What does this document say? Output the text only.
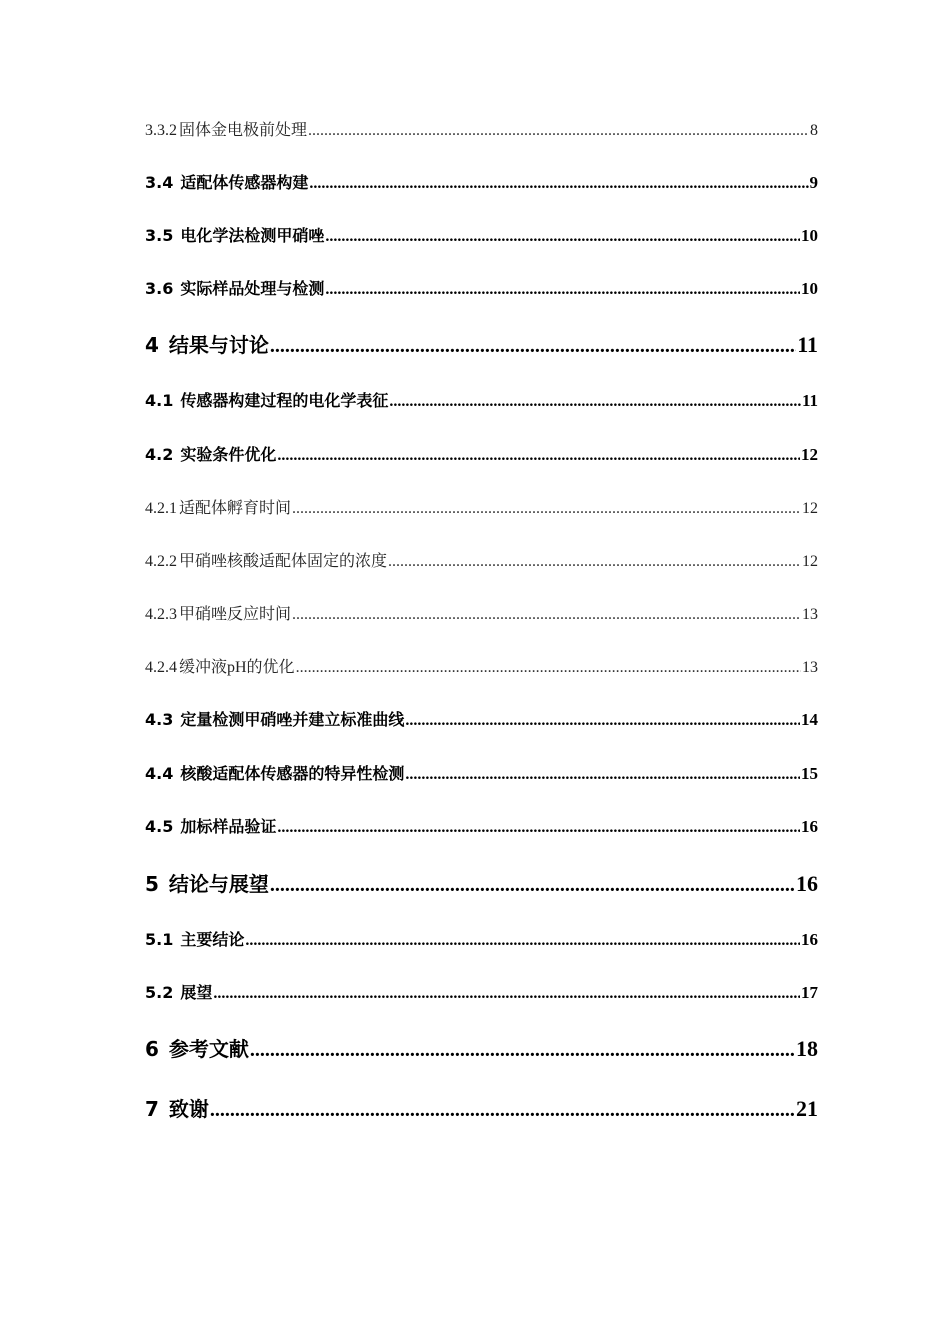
3.3.2 固体金电极前处理 .....	8
3.4 适配体传感器构建 .....	9
3.5 电化学法检测甲硝唑 .....	10
3.6 实际样品处理与检测 .....	10
4 结果与讨论 .....	11
4.1 传感器构建过程的电化学表征 .....	11
4.2 实验条件优化 .....	12
4.2.1 适配体孵育时间 .....	12
4.2.2 甲硝唑核酸适配体固定的浓度 .....	12
4.2.3 甲硝唑反应时间 .....	13
4.2.4 缓冲液pH的优化 .....	13
4.3 定量检测甲硝唑并建立标准曲线 .....	14
4.4 核酸适配体传感器的特异性检测 .....	15
4.5 加标样品验证 .....	16
5 结论与展望 .....	16
5.1 主要结论 .....	16
5.2 展望 .....	17
6 参考文献 .....	18
7 致谢 .....	21
